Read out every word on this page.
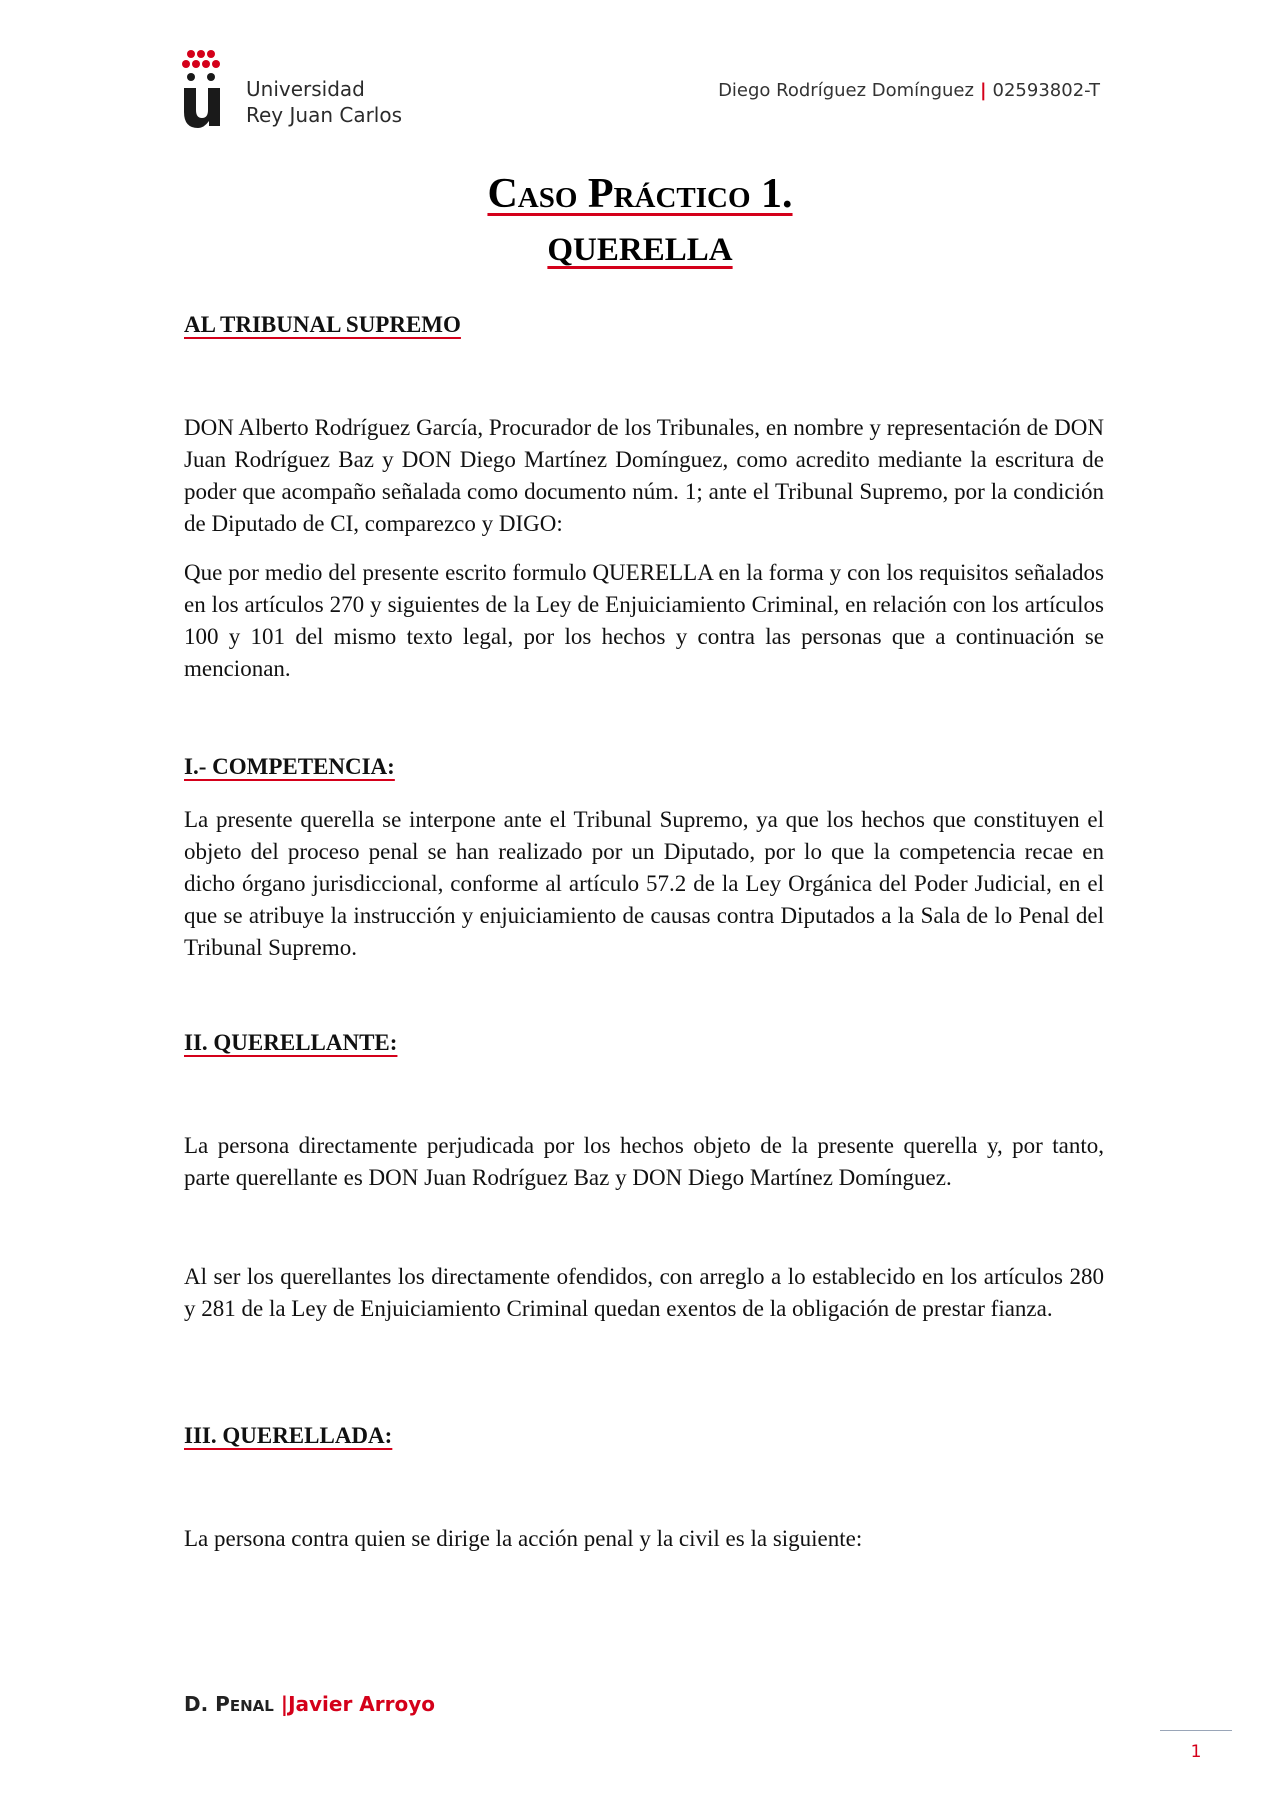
Universidad
Rey Juan Carlos
Diego Rodríguez Domínguez | 02593802-T
Caso Práctico 1.
QUERELLA
AL TRIBUNAL SUPREMO
DON Alberto Rodríguez García, Procurador de los Tribunales, en nombre y representación de DON Juan Rodríguez Baz y DON Diego Martínez Domínguez, como acredito mediante la escritura de poder que acompaño señalada como documento núm. 1; ante el Tribunal Supremo, por la condición de Diputado de CI, comparezco y DIGO:
Que por medio del presente escrito formulo QUERELLA en la forma y con los requisitos señalados en los artículos 270 y siguientes de la Ley de Enjuiciamiento Criminal, en relación con los artículos 100 y 101 del mismo texto legal, por los hechos y contra las personas que a continuación se mencionan.
I.- COMPETENCIA:
La presente querella se interpone ante el Tribunal Supremo, ya que los hechos que constituyen el objeto del proceso penal se han realizado por un Diputado, por lo que la competencia recae en dicho órgano jurisdiccional, conforme al artículo 57.2 de la Ley Orgánica del Poder Judicial, en el que se atribuye la instrucción y enjuiciamiento de causas contra Diputados a la Sala de lo Penal del Tribunal Supremo.
II. QUERELLANTE:
La persona directamente perjudicada por los hechos objeto de la presente querella y, por tanto, parte querellante es DON Juan Rodríguez Baz y DON Diego Martínez Domínguez.
Al ser los querellantes los directamente ofendidos, con arreglo a lo establecido en los artículos 280 y 281 de la Ley de Enjuiciamiento Criminal quedan exentos de la obligación de prestar fianza.
III. QUERELLADA:
La persona contra quien se dirige la acción penal y la civil es la siguiente:
D. PENAL |Javier Arroyo
1
